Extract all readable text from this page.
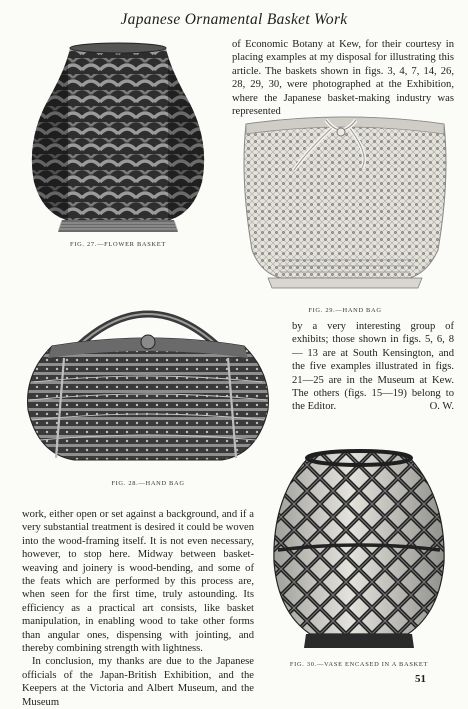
Japanese Ornamental Basket Work
FIG. 27.—FLOWER BASKET
of Economic Botany at Kew, for their courtesy in placing examples at my disposal for illustrating this article. The baskets shown in figs. 3, 4, 7, 14, 26, 28, 29, 30, were photographed at the Exhibition, where the Japanese basket-making industry was represented
FIG. 29.—HAND BAG
FIG. 28.—HAND BAG

by a very interesting group of exhibits; those shown in figs. 5, 6, 8— 13 are at South Kensington, and the five examples illustrated in figs. 21—25 are in the Museum at Kew. The others (figs. 15—19) belong to the Editor.	O. W.
FIG. 30.—VASE ENCASED IN A BASKET

work, either open or set against a background, and if a very substantial treatment is desired it could be woven into the wood-framing itself. It is not even necessary, however, to stop here. Midway between basket-weaving and joinery is wood-bending, and some of the feats which are performed by this process are, when seen for the first time, truly astounding. Its efficiency as a practical art consists, like basket manipulation, in enabling wood to take other forms than angular ones, dispensing with jointing, and thereby combining strength with lightness.

In conclusion, my thanks are due to the Japanese officials of the Japan-British Exhibition, and the Keepers at the Victoria and Albert Museum, and the Museum

51
